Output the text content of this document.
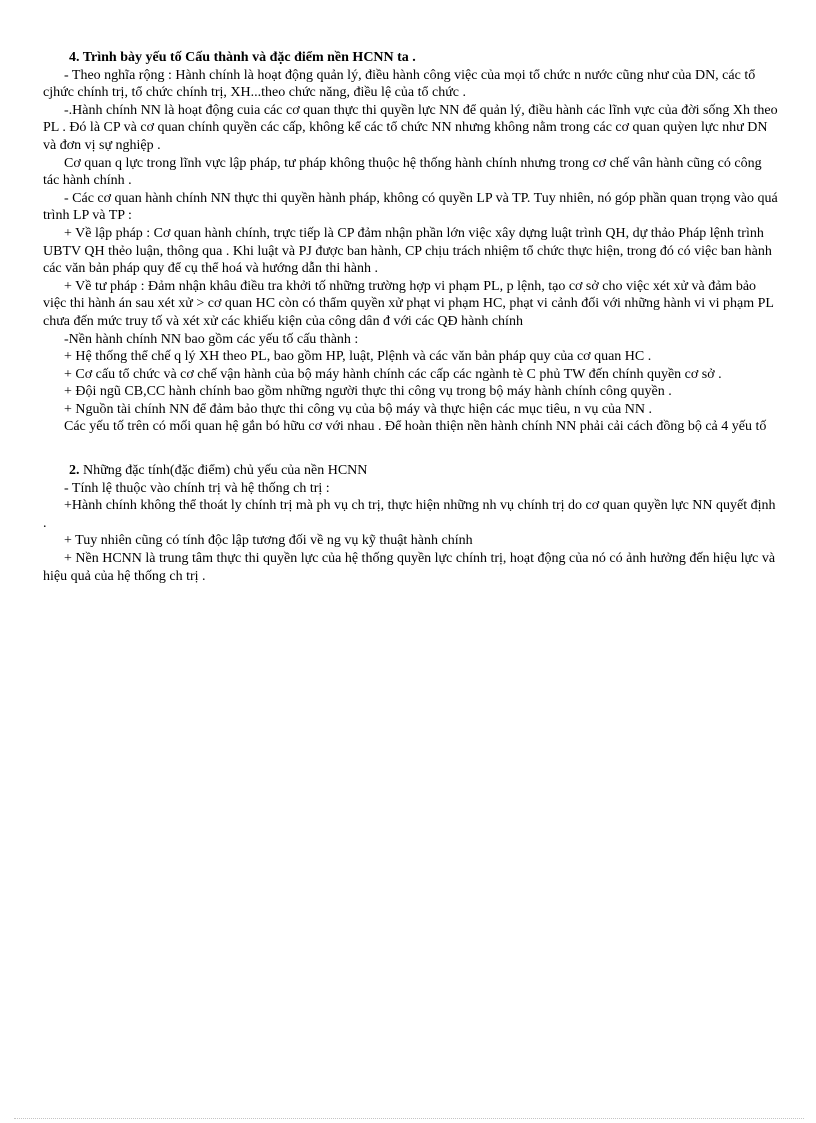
4. Trình bày yếu tố Cấu thành và đặc điểm nền HCNN ta .

- Theo nghĩa rộng : Hành chính là hoạt động quản lý, điều hành công việc của mọi tổ chức n nước cũng như của DN, các tổ cjhức chính trị, tổ chức chính trị, XH...theo chức năng, điều lệ của tổ chức .

-.Hành chính NN là hoạt động cuia các cơ quan thực thi quyền lực NN để quản lý, điều hành các lĩnh vực của đời sống Xh theo PL . Đó là CP và cơ quan chính quyền các cấp, không kể các tổ chức NN nhưng không nằm trong các cơ quan quỳen lực như DN và đơn vị sự nghiệp .

Cơ quan q lực trong lĩnh vực lập pháp, tư pháp không thuộc hệ thống hành chính nhưng trong cơ chế vân hành cũng có công tác hành chính .

- Các cơ quan hành chính NN thực thi quyền hành pháp, không có quyền LP và TP. Tuy nhiên, nó góp phần quan trọng vào quá trình LP và TP :

+ Về lập pháp : Cơ quan hành chính, trực tiếp là CP đảm nhận phần lớn việc xây dựng luật trình QH, dự thảo Pháp lệnh trình UBTV QH thẻo luận, thông qua . Khi luật và PJ được ban hành, CP chịu trách nhiệm tổ chức thực hiện, trong đó có việc ban hành các văn bản pháp quy để cụ thể hoá và hướng dẫn thi hành .

+ Về tư pháp : Đảm nhận khâu điều tra khởi tố những trường hợp vi phạm PL, p lệnh, tạo cơ sở cho việc xét xử và đảm bảo việc thi hành án sau xét xử > cơ quan HC còn có thẩm quyền xử phạt vi phạm HC, phạt vi cảnh đối với những hành vi vi phạm PL chưa đến mức truy tố và xét xử các khiếu kiện của công dân đ với các QĐ hành chính

-Nền hành chính NN bao gồm các yếu tố cấu thành :

+ Hệ thống thể chế q lý XH theo PL, bao gồm HP, luật, Plệnh và các văn bản pháp quy của cơ quan HC .

+ Cơ cấu tổ chức và cơ chế vận hành của bộ máy hành chính các cấp các ngành tè C phủ TW đến chính quyền cơ sở .

+ Đội ngũ CB,CC hành chính bao gồm những người thực thi công vụ trong bộ máy hành chính công quyền .

+ Nguồn tài chính NN để đảm bảo thực thi công vụ của bộ máy và thực hiện các mục tiêu, n vụ của NN .

Các yếu tố trên có mối quan hệ gắn bó hữu cơ với nhau . Để hoàn thiện nền hành chính NN phải cải cách đồng bộ cả 4 yếu tố

2. Những đặc tính(đặc điểm) chủ yếu của nền HCNN

- Tính lệ thuộc vào chính trị và hệ thống ch trị :

+Hành chính không thể thoát ly chính trị mà ph vụ ch trị, thực hiện những nh vụ chính trị do cơ quan quyền lực NN quyết định .

+ Tuy nhiên cũng có tính độc lập tương đối về ng vụ kỹ thuật hành chính

+ Nền HCNN là trung tâm thực thi quyền lực của hệ thống quyền lực chính trị, hoạt động của nó có ảnh hưởng đến hiệu lực và hiệu quả của hệ thống ch trị .
